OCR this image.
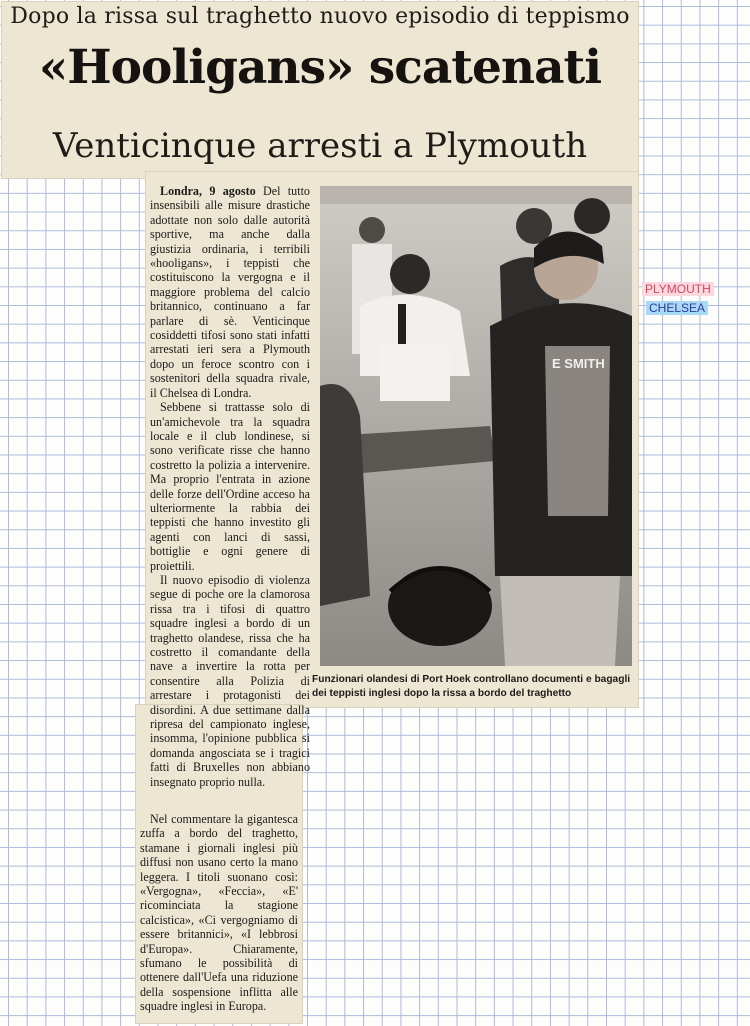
Dopo la rissa sul traghetto nuovo episodio di teppismo
«Hooligans» scatenati
Venticinque arresti a Plymouth

Londra, 9 agosto Del tutto insensibili alle misure drastiche adottate non solo dalle autorità sportive, ma anche dalla giustizia ordinaria, i terribili «hooligans», i teppisti che costituiscono la vergogna e il maggiore problema del calcio britannico, continuano a far parlare di sè. Venticinque cosiddetti tifosi sono stati infatti arrestati ieri sera a Plymouth dopo un feroce scontro con i sostenitori della squadra rivale, il Chelsea di Londra.

Sebbene si trattasse solo di un'amichevole tra la squadra locale e il club londinese, si sono verificate risse che hanno costretto la polizia a intervenire. Ma proprio l'entrata in azione delle forze dell'Ordine acceso ha ulteriormente la rabbia dei teppisti che hanno investito gli agenti con lanci di sassi, bottiglie e ogni genere di proiettili.

Il nuovo episodio di violenza segue di poche ore la clamorosa rissa tra i tifosi di quattro squadre inglesi a bordo di un traghetto olandese, rissa che ha costretto il comandante della nave a invertire la rotta per consentire alla Polizia di arrestare i protagonisti dei disordini. A due settimane dalla ripresa del campionato inglese, insomma, l'opinione pubblica si domanda angosciata se i tragici fatti di Bruxelles non abbiano insegnato proprio nulla.

Nel commentare la gigantesca zuffa a bordo del traghetto, stamane i giornali inglesi più diffusi non usano certo la mano leggera. I titoli suonano così: «Vergogna», «Feccia», «E' ricominciata la stagione calcistica», «Ci vergogniamo di essere britannici», «I lebbrosi d'Europa». Chiaramente, sfumano le possibilità di ottenere dall'Uefa una riduzione della sospensione inflitta alle squadre inglesi in Europa.

E SMITH
Funzionari olandesi di Port Hoek controllano documenti e bagagli dei teppisti inglesi dopo la rissa a bordo del traghetto
PLYMOUTH
CHELSEA
